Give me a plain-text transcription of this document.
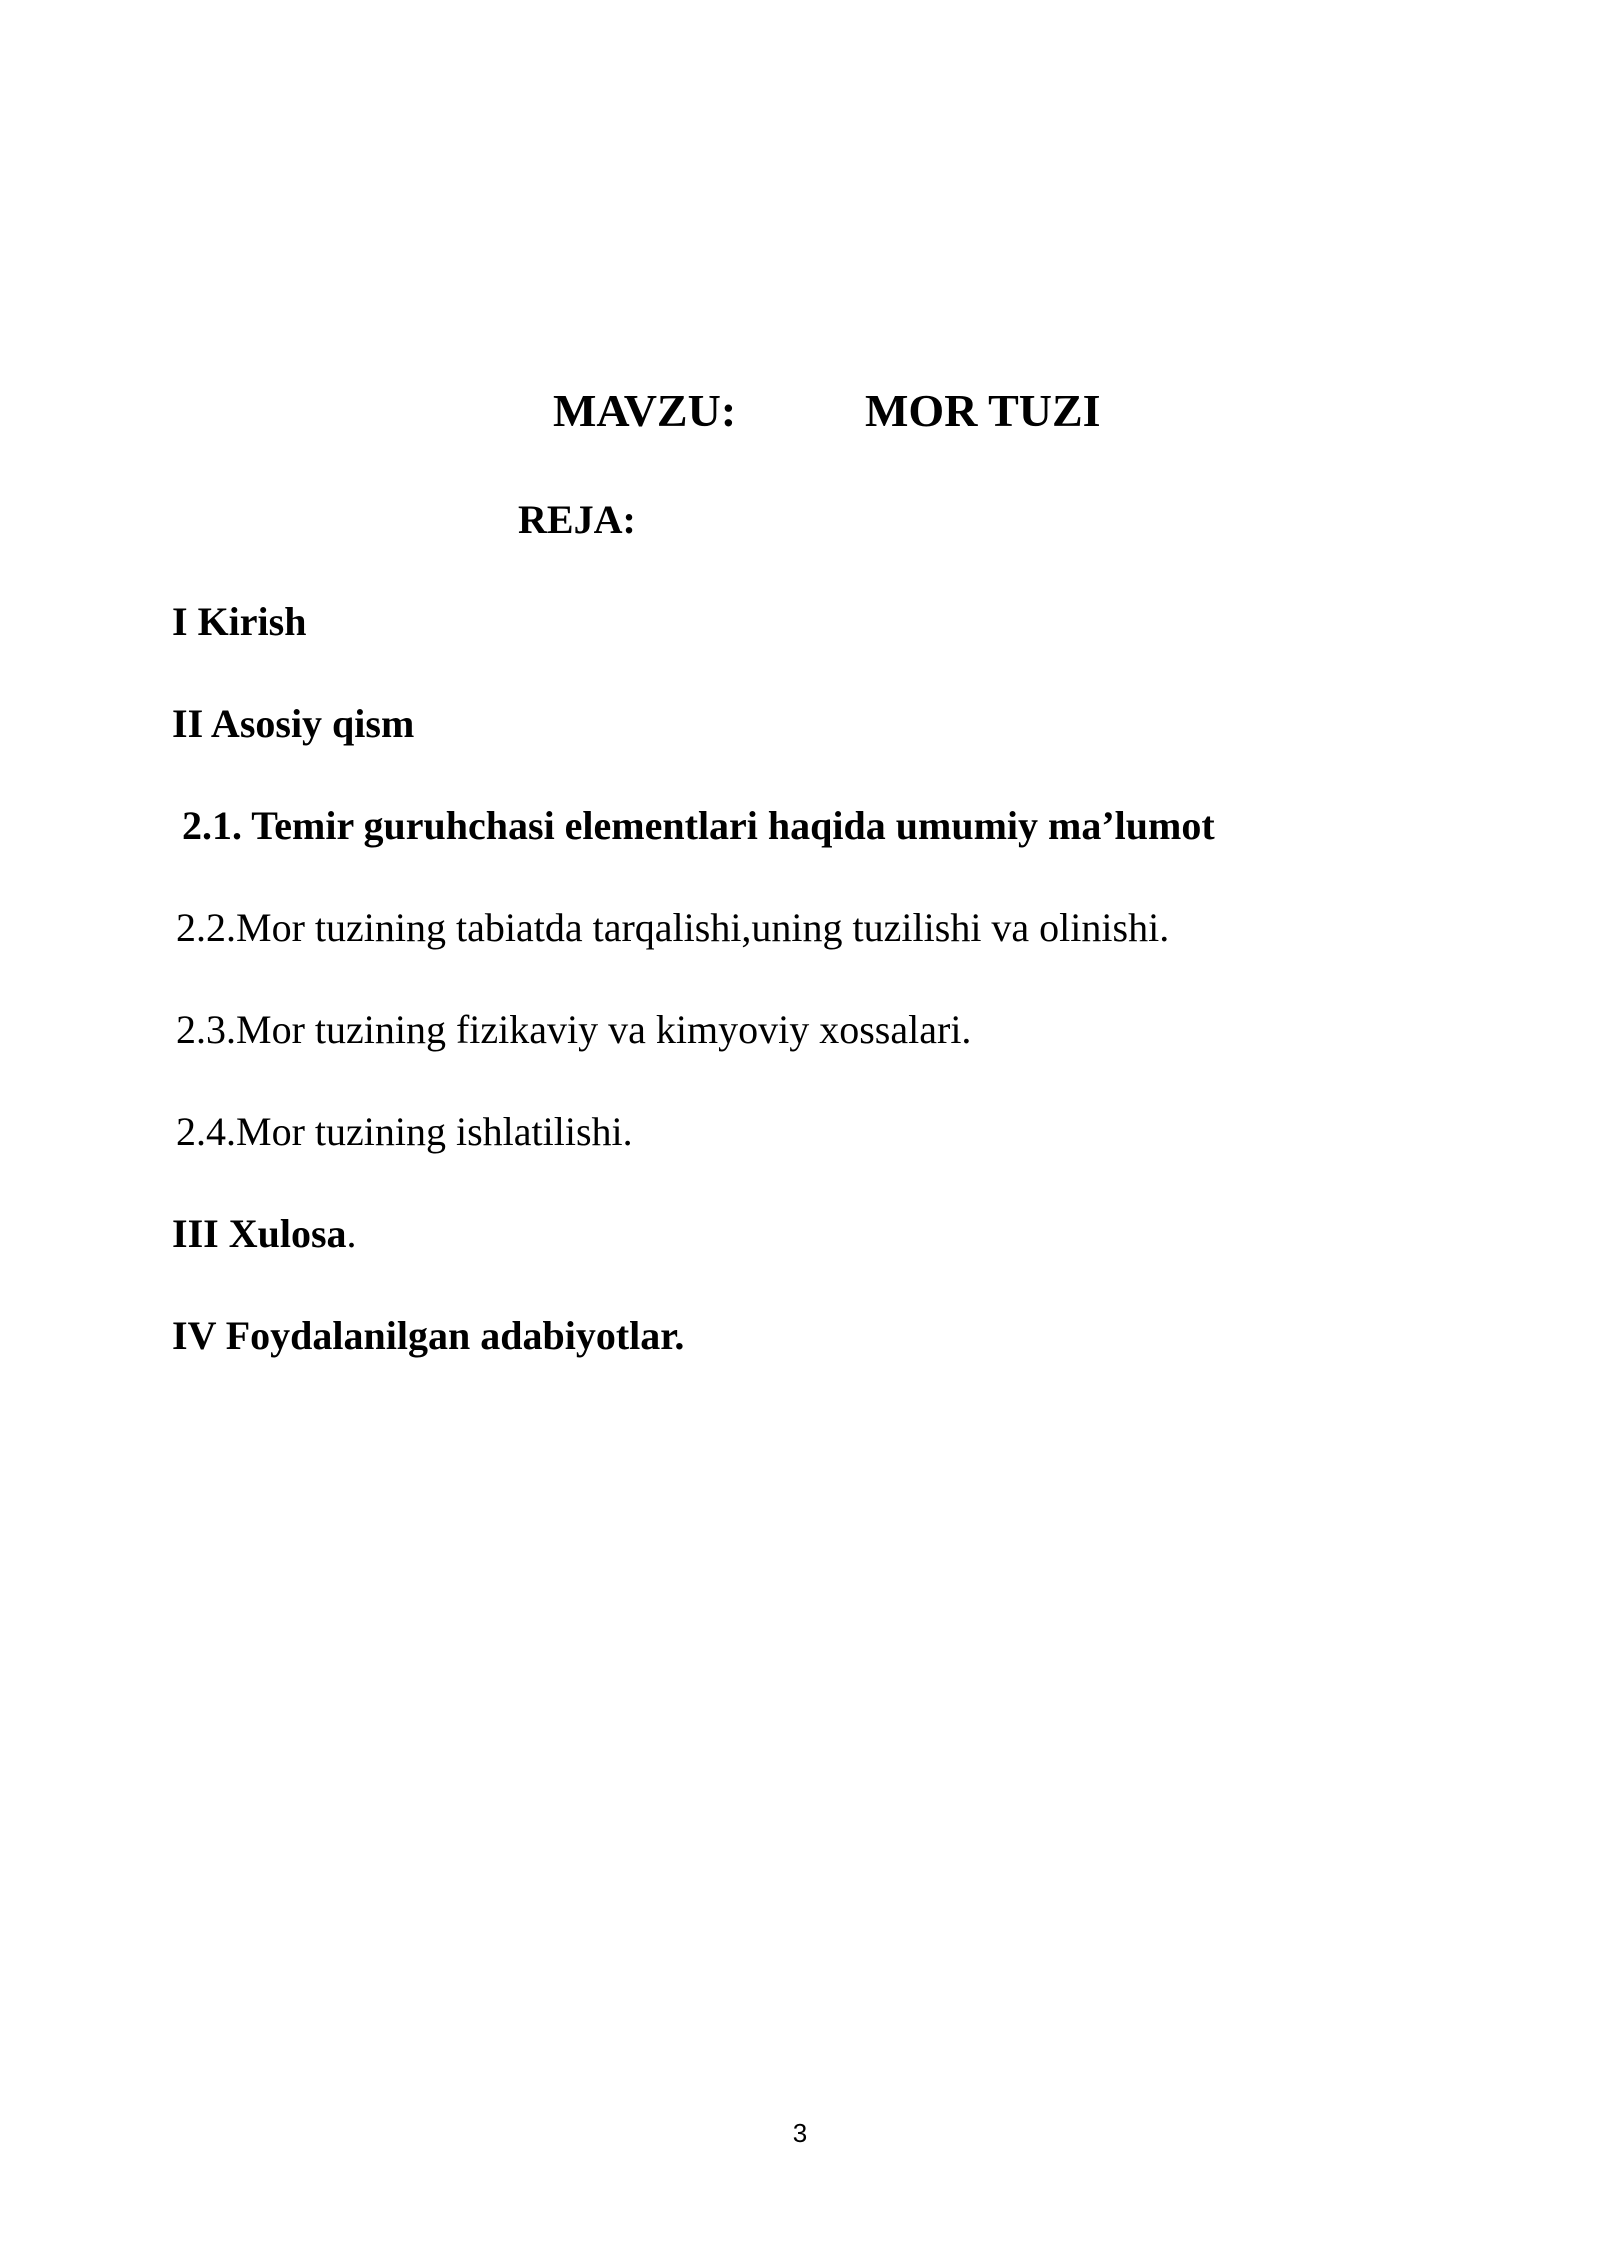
MAVZU:	MOR TUZI
REJA:
I Kirish
II Asosiy qism
2.1. Temir guruhchasi elementlari haqida umumiy ma’lumot
2.2.Mor tuzining tabiatda tarqalishi,uning tuzilishi va olinishi.
2.3.Mor tuzining fizikaviy va kimyoviy xossalari.
2.4.Mor tuzining ishlatilishi.
III Xulosa.
IV Foydalanilgan adabiyotlar.
3
